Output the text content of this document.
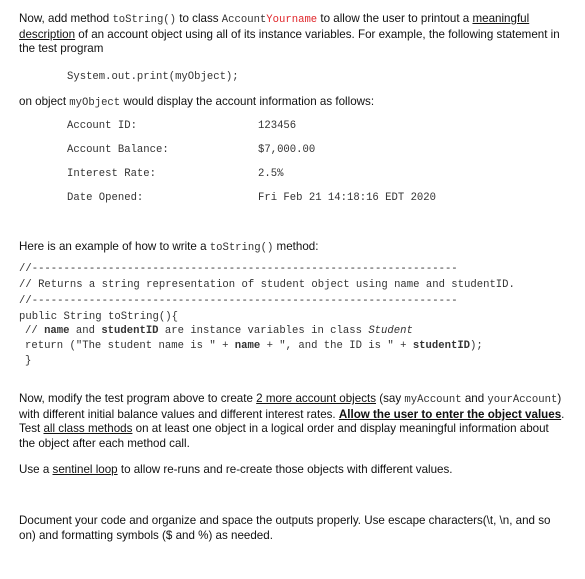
Now, add method toString() to class AccountYourname to allow the user to printout a meaningful description of an account object using all of its instance variables. For example, the following statement in the test program
System.out.print(myObject);
on object myObject would display the account information as follows:
Account ID:	123456
Account Balance:	$7,000.00
Interest Rate:	2.5%
Date Opened:	Fri Feb 21 14:18:16 EDT 2020
Here is an example of how to write a toString() method:
//-------------------------------------------------------------------
// Returns a string representation of student object using name and studentID.
//-------------------------------------------------------------------
public String toString(){
// name and studentID are instance variables in class Student
return ("The student name is " + name + ", and the ID is " + studentID);
}
Now, modify the test program above to create 2 more account objects (say myAccount and yourAccount) with different initial balance values and different interest rates. Allow the user to enter the object values. Test all class methods on at least one object in a logical order and display meaningful information about the object after each method call.
Use a sentinel loop to allow re-runs and re-create those objects with different values.
Document your code and organize and space the outputs properly. Use escape characters(\t, \n, and so on) and formatting symbols ($ and %) as needed.
